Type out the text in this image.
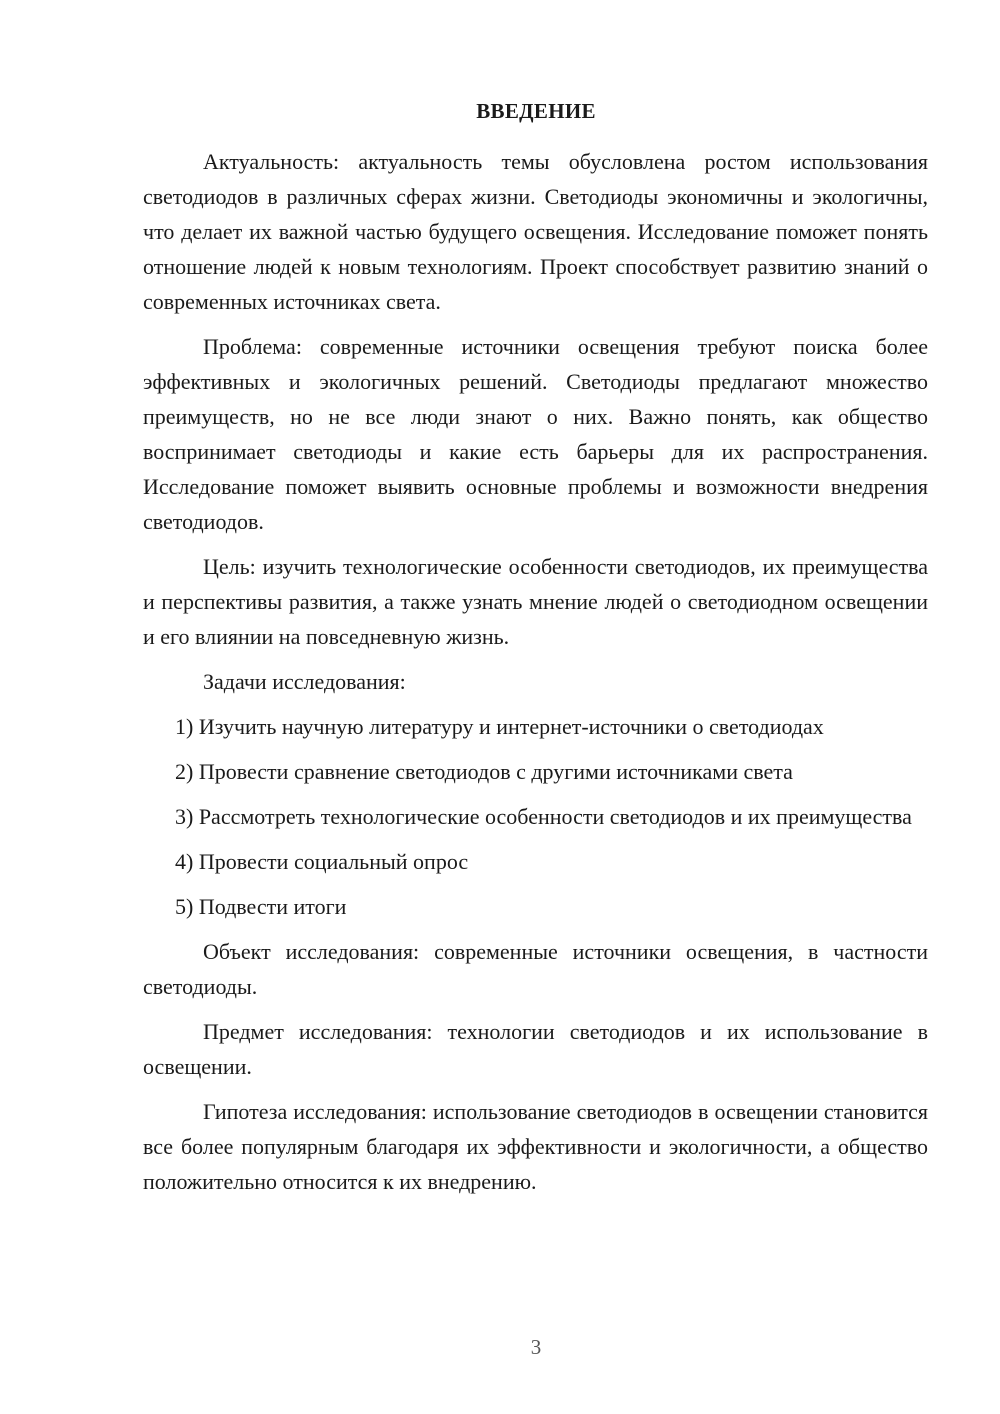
ВВЕДЕНИЕ

Актуальность: актуальность темы обусловлена ростом использования светодиодов в различных сферах жизни. Светодиоды экономичны и экологичны, что делает их важной частью будущего освещения. Исследование поможет понять отношение людей к новым технологиям. Проект способствует развитию знаний о современных источниках света.

Проблема: современные источники освещения требуют поиска более эффективных и экологичных решений. Светодиоды предлагают множество преимуществ, но не все люди знают о них. Важно понять, как общество воспринимает светодиоды и какие есть барьеры для их распространения. Исследование поможет выявить основные проблемы и возможности внедрения светодиодов.

Цель: изучить технологические особенности светодиодов, их преимущества и перспективы развития, а также узнать мнение людей о светодиодном освещении и его влиянии на повседневную жизнь.

Задачи исследования:

1) Изучить научную литературу и интернет-источники о светодиодах

2) Провести сравнение светодиодов с другими источниками света

3) Рассмотреть технологические особенности светодиодов и их преимущества

4) Провести социальный опрос

5) Подвести итоги

Объект исследования: современные источники освещения, в частности светодиоды.

Предмет исследования: технологии светодиодов и их использование в освещении.

Гипотеза исследования: использование светодиодов в освещении становится все более популярным благодаря их эффективности и экологичности, а общество положительно относится к их внедрению.

3
